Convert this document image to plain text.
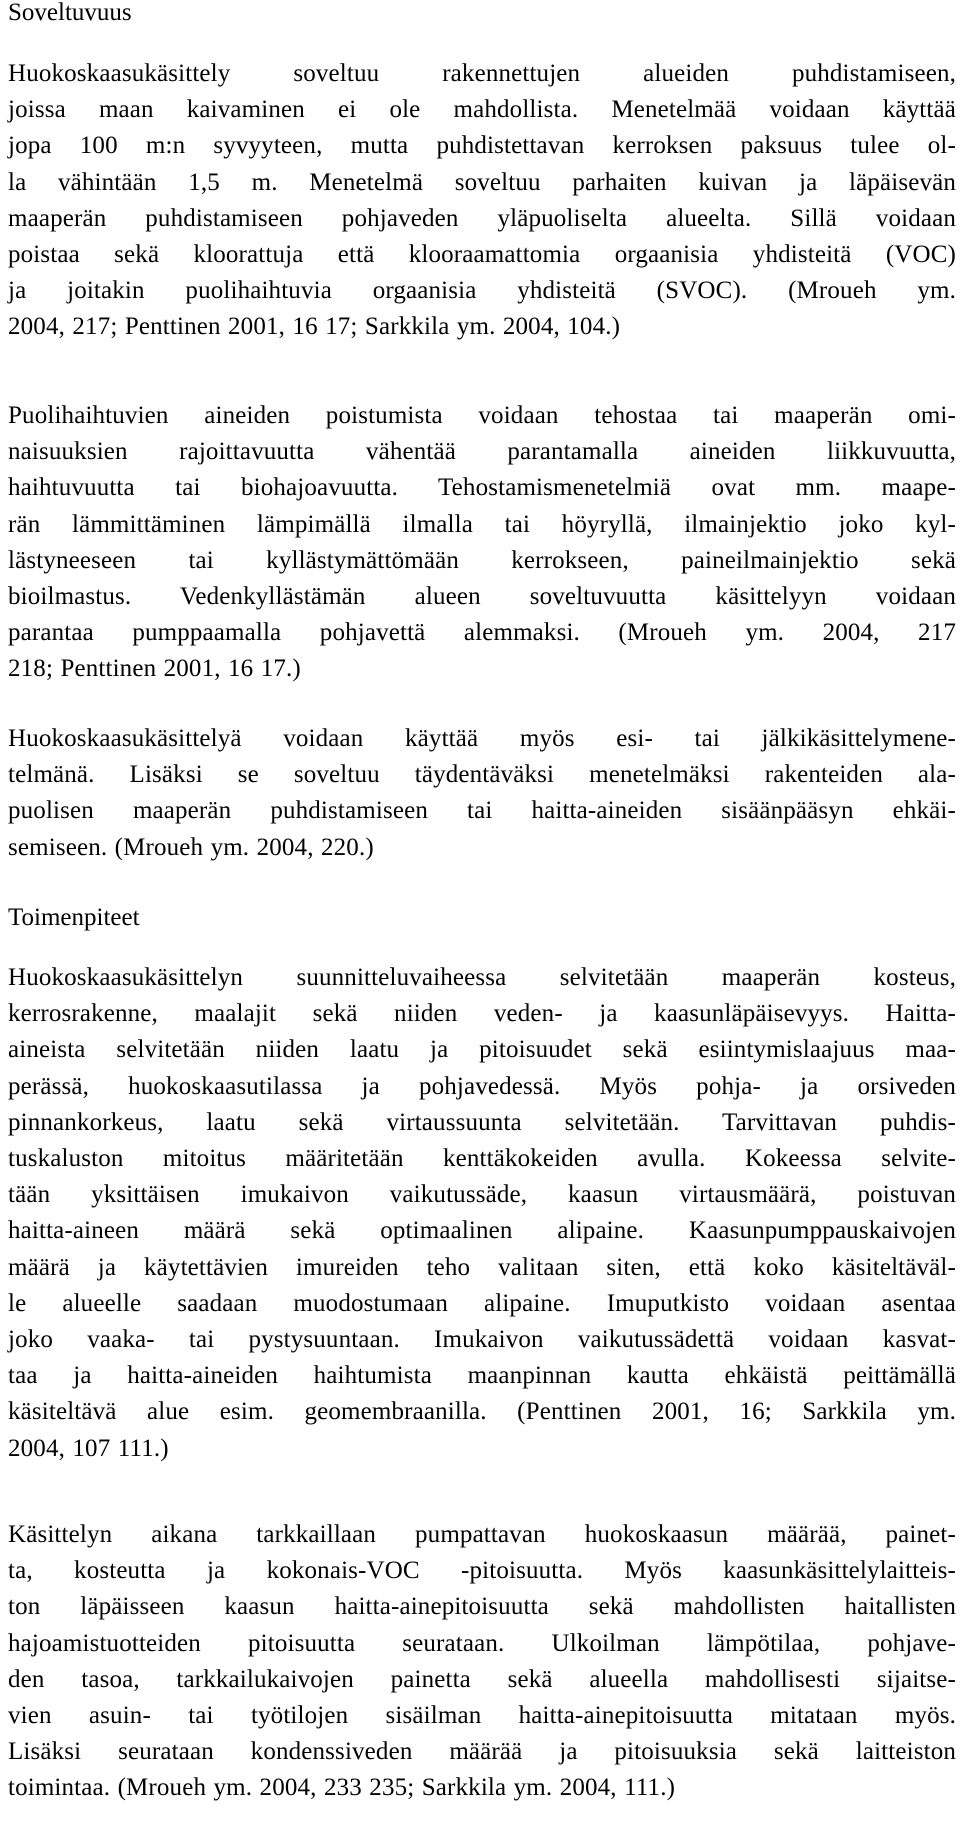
Soveltuvuus
Huokoskaasukäsittely soveltuu rakennettujen alueiden puhdistamiseen,
joissa maan kaivaminen ei ole mahdollista. Menetelmää voidaan käyttää
jopa 100 m:n syvyyteen, mutta puhdistettavan kerroksen paksuus tulee ol-
la vähintään 1,5 m. Menetelmä soveltuu parhaiten kuivan ja läpäisevän
maaperän puhdistamiseen pohjaveden yläpuoliselta alueelta. Sillä voidaan
poistaa sekä kloorattuja että klooraamattomia orgaanisia yhdisteitä (VOC)
ja joitakin puolihaihtuvia orgaanisia yhdisteitä (SVOC). (Mroueh ym.
2004, 217; Penttinen 2001, 16 17; Sarkkila ym. 2004, 104.)
Puolihaihtuvien aineiden poistumista voidaan tehostaa tai maaperän omi-
naisuuksien rajoittavuutta vähentää parantamalla aineiden liikkuvuutta,
haihtuvuutta tai biohajoavuutta. Tehostamismenetelmiä ovat mm. maape-
rän lämmittäminen lämpimällä ilmalla tai höyryllä, ilmainjektio joko kyl-
lästyneeseen tai kyllästymättömään kerrokseen, paineilmainjektio sekä
bioilmastus. Vedenkyllästämän alueen soveltuvuutta käsittelyyn voidaan
parantaa pumppaamalla pohjavettä alemmaksi. (Mroueh ym. 2004, 217
218; Penttinen 2001, 16 17.)
Huokoskaasukäsittelyä voidaan käyttää myös esi- tai jälkikäsittelymene-
telmänä. Lisäksi se soveltuu täydentäväksi menetelmäksi rakenteiden ala-
puolisen maaperän puhdistamiseen tai haitta-aineiden sisäänpääsyn ehkäi-
semiseen. (Mroueh ym. 2004, 220.)
Toimenpiteet
Huokoskaasukäsittelyn suunnitteluvaiheessa selvitetään maaperän kosteus,
kerrosrakenne, maalajit sekä niiden veden- ja kaasunläpäisevyys. Haitta-
aineista selvitetään niiden laatu ja pitoisuudet sekä esiintymislaajuus maa-
perässä, huokoskaasutilassa ja pohjavedessä. Myös pohja- ja orsiveden
pinnankorkeus, laatu sekä virtaussuunta selvitetään. Tarvittavan puhdis-
tuskaluston mitoitus määritetään kenttäkokeiden avulla. Kokeessa selvite-
tään yksittäisen imukaivon vaikutussäde, kaasun virtausmäärä, poistuvan
haitta-aineen määrä sekä optimaalinen alipaine. Kaasunpumppauskaivojen
määrä ja käytettävien imureiden teho valitaan siten, että koko käsiteltäväl-
le alueelle saadaan muodostumaan alipaine. Imuputkisto voidaan asentaa
joko vaaka- tai pystysuuntaan. Imukaivon vaikutussädettä voidaan kasvat-
taa ja haitta-aineiden haihtumista maanpinnan kautta ehkäistä peittämällä
käsiteltävä alue esim. geomembraanilla. (Penttinen 2001, 16; Sarkkila ym.
2004, 107 111.)
Käsittelyn aikana tarkkaillaan pumpattavan huokoskaasun määrää, painet-
ta, kosteutta ja kokonais-VOC -pitoisuutta. Myös kaasunkäsittelylaitteis-
ton läpäisseen kaasun haitta-ainepitoisuutta sekä mahdollisten haitallisten
hajoamistuotteiden pitoisuutta seurataan. Ulkoilman lämpötilaa, pohjave-
den tasoa, tarkkailukaivojen painetta sekä alueella mahdollisesti sijaitse-
vien asuin- tai työtilojen sisäilman haitta-ainepitoisuutta mitataan myös.
Lisäksi seurataan kondenssiveden määrää ja pitoisuuksia sekä laitteiston
toimintaa. (Mroueh ym. 2004, 233 235; Sarkkila ym. 2004, 111.)
